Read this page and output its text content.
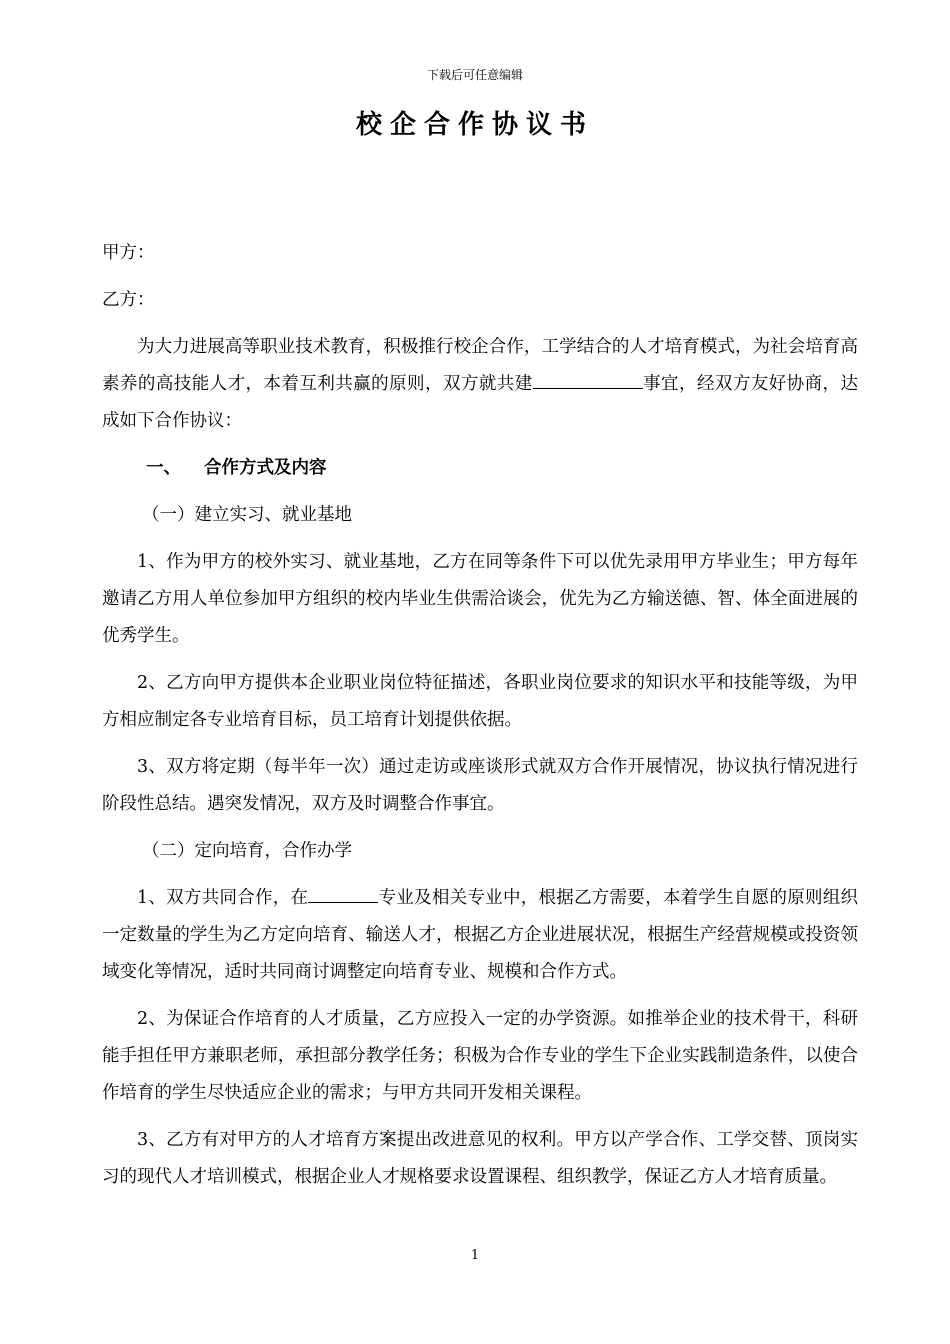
下载后可任意编辑
校企合作协议书

甲方：

乙方：

为大力进展高等职业技术教育，积极推行校企合作，工学结合的人才培育模式，为社会培育高素养的高技能人才，本着互利共赢的原则，双方就共建	事宜，经双方友好协商，达成如下合作协议：

一、 合作方式及内容

（一）建立实习、就业基地

1、作为甲方的校外实习、就业基地，乙方在同等条件下可以优先录用甲方毕业生；甲方每年邀请乙方用人单位参加甲方组织的校内毕业生供需洽谈会，优先为乙方输送德、智、体全面进展的优秀学生。

2、乙方向甲方提供本企业职业岗位特征描述，各职业岗位要求的知识水平和技能等级，为甲方相应制定各专业培育目标，员工培育计划提供依据。

3、双方将定期（每半年一次）通过走访或座谈形式就双方合作开展情况，协议执行情况进行阶段性总结。遇突发情况，双方及时调整合作事宜。

（二）定向培育，合作办学

1、双方共同合作，在	专业及相关专业中，根据乙方需要，本着学生自愿的原则组织一定数量的学生为乙方定向培育、输送人才，根据乙方企业进展状况，根据生产经营规模或投资领域变化等情况，适时共同商讨调整定向培育专业、规模和合作方式。

2、为保证合作培育的人才质量，乙方应投入一定的办学资源。如推举企业的技术骨干，科研能手担任甲方兼职老师，承担部分教学任务；积极为合作专业的学生下企业实践制造条件，以使合作培育的学生尽快适应企业的需求；与甲方共同开发相关课程。

3、乙方有对甲方的人才培育方案提出改进意见的权利。甲方以产学合作、工学交替、顶岗实习的现代人才培训模式，根据企业人才规格要求设置课程、组织教学，保证乙方人才培育质量。

1
